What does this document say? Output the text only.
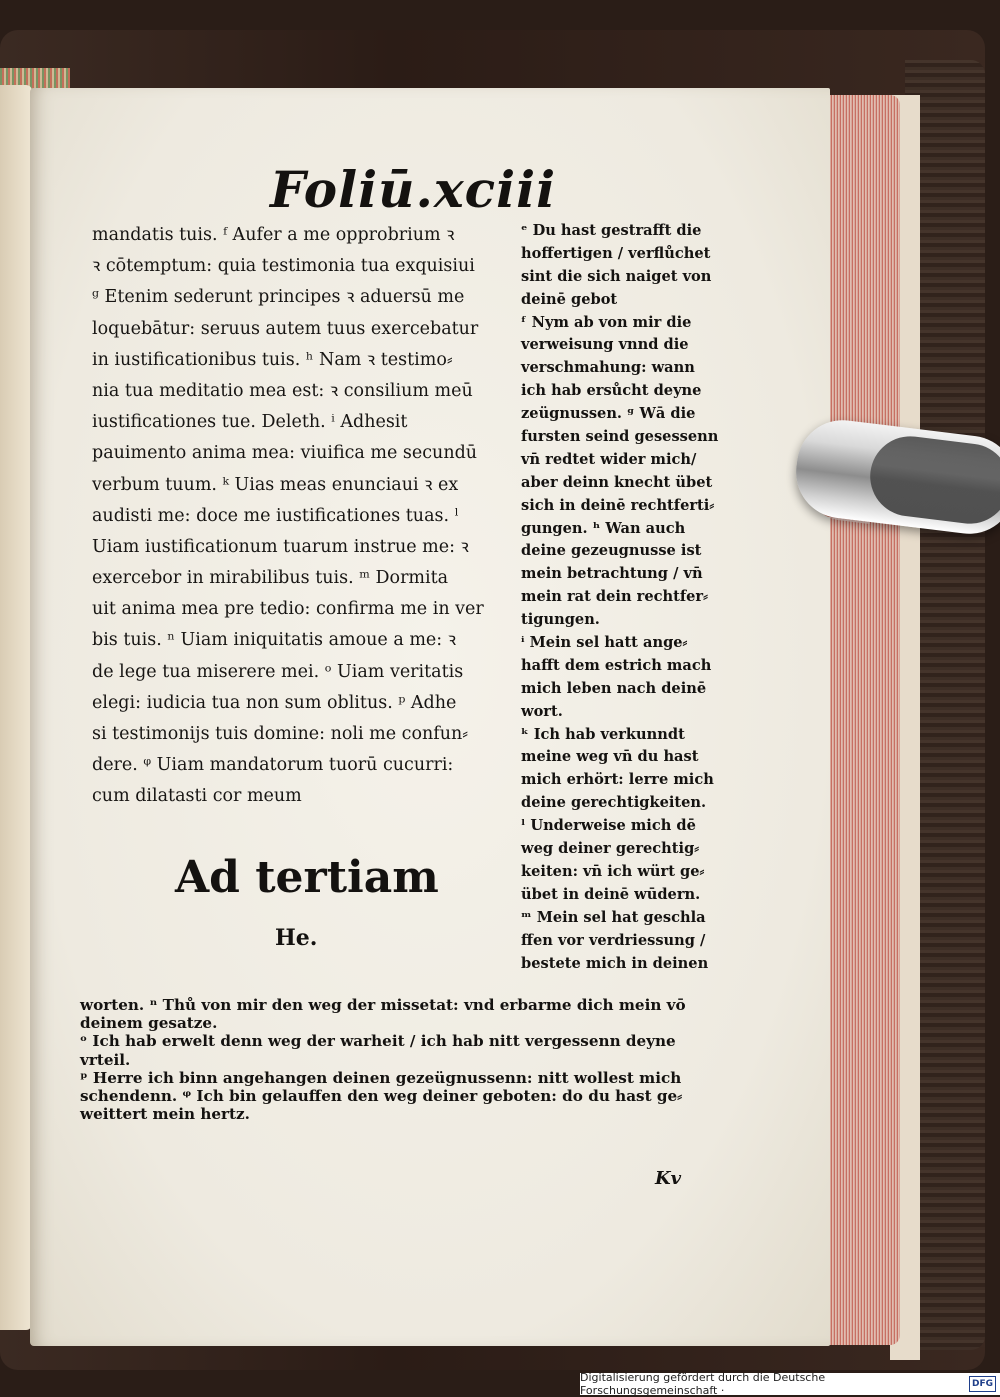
Foliū.xciii
mandatis tuis. ᶠ Aufer a me opprobrium ꝛ
ꝛ cōtemptum: quia testimonia tua exquisiui
ᵍ Etenim sederunt principes ꝛ aduersū me
loquebātur: seruus autem tuus exercebatur
in iustificationibus tuis. ʰ Nam ꝛ testimo⸗
nia tua meditatio mea est: ꝛ consilium meū
iustificationes tue. Deleth. ⁱ Adhesit
pauimento anima mea: viuifica me secundū
verbum tuum. ᵏ Uias meas enunciaui ꝛ ex
audisti me: doce me iustificationes tuas. ˡ
Uiam iustificationum tuarum instrue me: ꝛ
exercebor in mirabilibus tuis. ᵐ Dormita
uit anima mea pre tedio: confirma me in ver
bis tuis. ⁿ Uiam iniquitatis amoue a me: ꝛ
de lege tua miserere mei. ᵒ Uiam veritatis
elegi: iudicia tua non sum oblitus. ᵖ Adhe
si testimonijs tuis domine: noli me confun⸗
dere. ᵠ Uiam mandatorum tuorū cucurri:
cum dilatasti cor meum
ᵉ Du hast gestrafft die
hoffertigen / verflůchet
sint die sich naiget von
deinē gebot
ᶠ Nym ab von mir die
verweisung vnnd die
verschmahung: wann
ich hab ersůcht deyne
zeügnussen. ᵍ Wā die
fursten seind gesessenn
vn̄ redtet wider mich/
aber deinn knecht übet
sich in deinē rechtferti⸗
gungen. ʰ Wan auch
deine gezeugnusse ist
mein betrachtung / vn̄
mein rat dein rechtfer⸗
tigungen.
ⁱ Mein sel hatt ange⸗
hafft dem estrich mach
mich leben nach deinē
wort.
ᵏ Ich hab verkunndt
meine weg vn̄ du hast
mich erhört: lerre mich
deine gerechtigkeiten.
ˡ Underweise mich dē
weg deiner gerechtig⸗
keiten: vn̄ ich würt ge⸗
übet in deinē wūdern.
ᵐ Mein sel hat geschla
ffen vor verdriessung /
bestete mich in deinen
Ad tertiam
He.
worten. ⁿ Thů von mir den weg der missetat: vnd erbarme dich mein vō
deinem gesatze.
ᵒ Ich hab erwelt denn weg der warheit / ich hab nitt vergessenn deyne
vrteil.
ᵖ Herre ich binn angehangen deinen gezeügnussenn: nitt wollest mich
schendenn. ᵠ Ich bin gelauffen den weg deiner geboten: do du hast ge⸗
weittert mein hertz.
Kv
Digitalisierung gefördert durch die Deutsche Forschungsgemeinschaft ·	DFG
